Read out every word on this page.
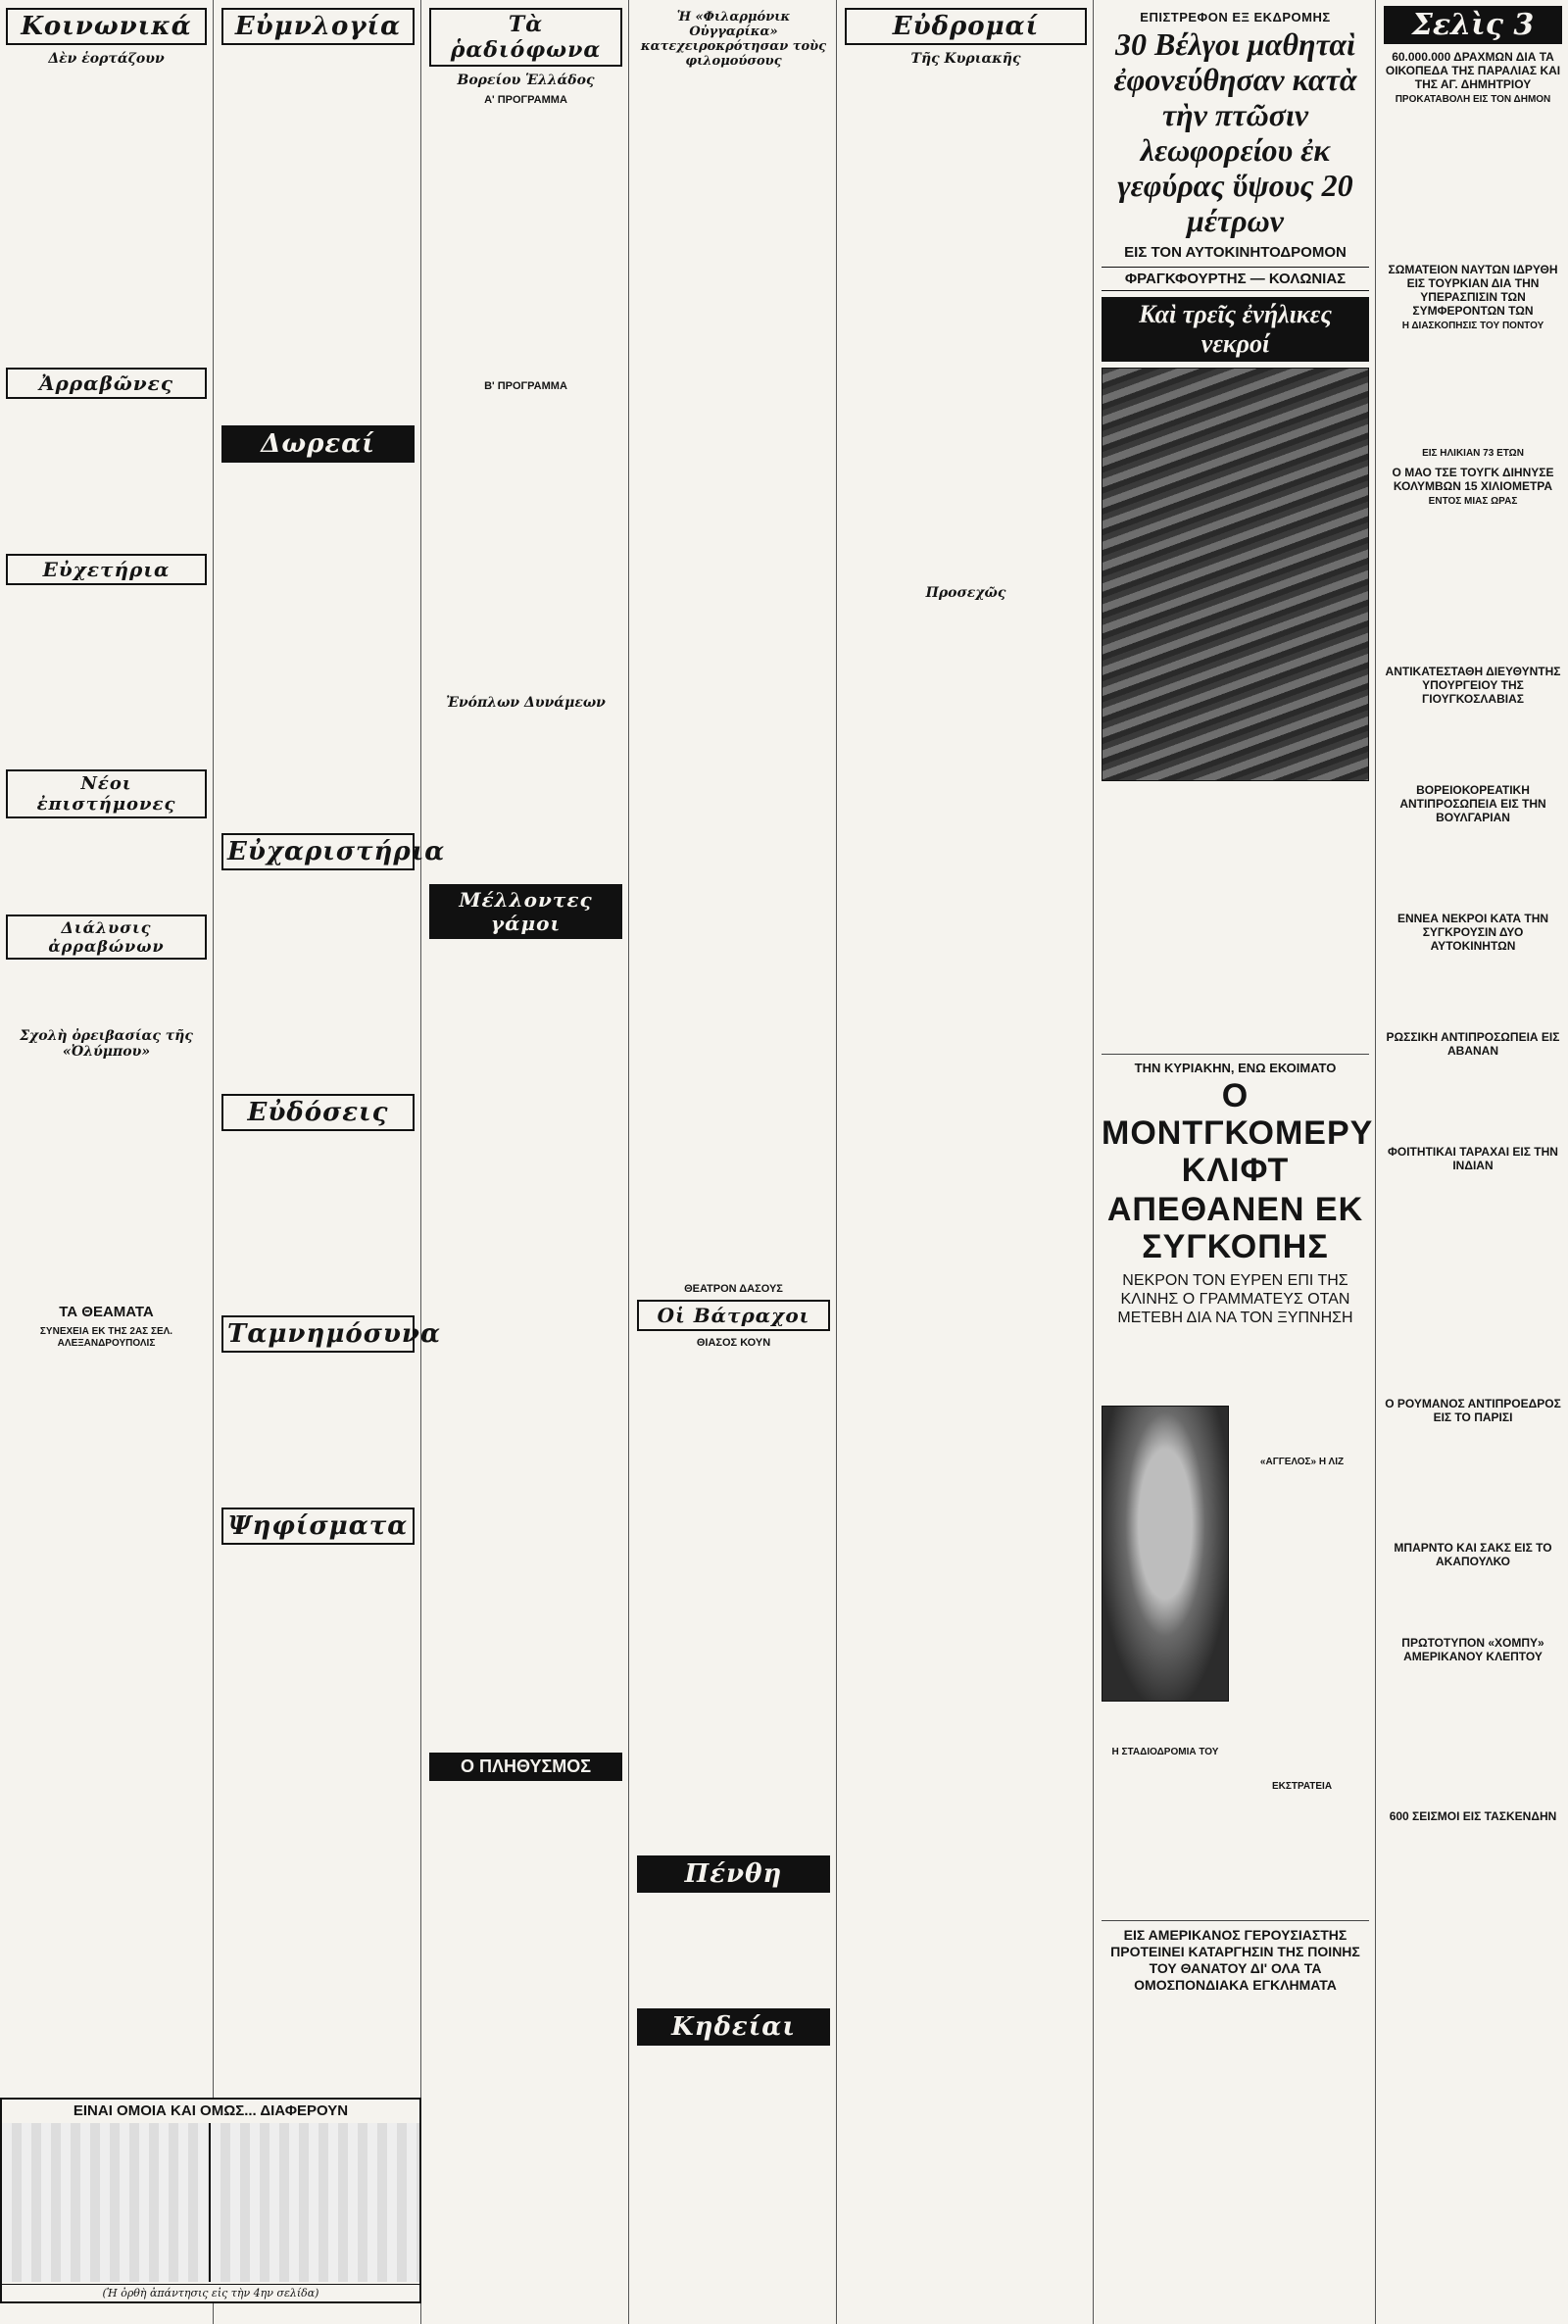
Κοινωνικά
Δὲν ἑορτάζουν
Ἀρραβῶνες
Εὐχετήρια
Νέοι ἐπιστήμονες
Διάλυσις ἀρραβώνων
Σχολὴ ὀρειβασίας τῆς «Ὀλύμπου»
ΤΑ ΘΕΑΜΑΤΑ
ΣΥΝΕΧΕΙΑ ΕΚ ΤΗΣ 2ΑΣ ΣΕΛ. ΑΛΕΞΑΝΔΡΟΥΠΟΛΙΣ
Εὐμνλογία
Δωρεαί
Εὐχαριστήρια
Εὐδόσεις
Ταμνημόσυνα
Ψηφίσματα
Τὰ ῥαδιόφωνα
Βορείου Ἑλλάδος
Α' ΠΡΟΓΡΑΜΜΑ
Β' ΠΡΟΓΡΑΜΜΑ
Ἐνόπλων Δυνάμεων
Μέλλοντες γάμοι
Ο ΠΛΗΘΥΣΜΟΣ
Ἡ «Φιλαρμόνικ Οὐγγαρίκα» κατεχειροκρότησαν τοὺς φιλομούσους
ΘΕΑΤΡΟΝ ΔΑΣΟΥΣ
Οἱ Βάτραχοι
ΘΙΑΣΟΣ ΚΟΥΝ
Πένθη
Κηδείαι
Εὐδρομαί
Τῆς Κυριακῆς
Προσεχῶς
ΕΠΙΣΤΡΕΦΟΝ ΕΞ ΕΚΔΡΟΜΗΣ
30 Βέλγοι μαθηταὶ ἐφονεύθησαν κατὰ τὴν πτῶσιν λεωφορείου ἐκ γεφύρας ὕψους 20 μέτρων
ΕΙΣ ΤΟΝ ΑΥΤΟΚΙΝΗΤΟΔΡΟΜΟΝ
ΦΡΑΓΚΦΟΥΡΤΗΣ — ΚΟΛΩΝΙΑΣ
Καὶ τρεῖς ἐνήλικες νεκροί
ΤΗΝ ΚΥΡΙΑΚΗΝ, ΕΝΩ ΕΚΟΙΜΑΤΟ
Ο ΜΟΝΤΓΚΟΜΕΡΥ ΚΛΙΦΤ
ΑΠΕΘΑΝΕΝ ΕΚ ΣΥΓΚΟΠΗΣ
ΝΕΚΡΟΝ ΤΟΝ ΕΥΡΕΝ ΕΠΙ ΤΗΣ ΚΛΙΝΗΣ Ο ΓΡΑΜΜΑΤΕΥΣ ΟΤΑΝ ΜΕΤΕΒΗ ΔΙΑ ΝΑ ΤΟΝ ΞΥΠΝΗΣΗ
Η ΣΤΑΔΙΟΔΡΟΜΙΑ ΤΟΥ
«ΑΓΓΕΛΟΣ» Η ΛΙΖ
ΕΚΣΤΡΑΤΕΙΑ
ΕΙΣ ΑΜΕΡΙΚΑΝΟΣ ΓΕΡΟΥΣΙΑΣΤΗΣ ΠΡΟΤΕΙΝΕΙ ΚΑΤΑΡΓΗΣΙΝ ΤΗΣ ΠΟΙΝΗΣ ΤΟΥ ΘΑΝΑΤΟΥ ΔΙ' ΟΛΑ ΤΑ ΟΜΟΣΠΟΝΔΙΑΚΑ ΕΓΚΛΗΜΑΤΑ
Σελὶς 3
60.000.000 ΔΡΑΧΜΩΝ ΔΙΑ ΤΑ ΟΙΚΟΠΕΔΑ ΤΗΣ ΠΑΡΑΛΙΑΣ ΚΑΙ ΤΗΣ ΑΓ. ΔΗΜΗΤΡΙΟΥ
ΠΡΟΚΑΤΑΒΟΛΗ ΕΙΣ ΤΟΝ ΔΗΜΟΝ
ΣΩΜΑΤΕΙΟΝ ΝΑΥΤΩΝ ΙΔΡΥΘΗ ΕΙΣ ΤΟΥΡΚΙΑΝ ΔΙΑ ΤΗΝ ΥΠΕΡΑΣΠΙΣΙΝ ΤΩΝ ΣΥΜΦΕΡΟΝΤΩΝ ΤΩΝ
Η ΔΙΑΣΚΟΠΗΣΙΣ ΤΟΥ ΠΟΝΤΟΥ
ΕΙΣ ΗΛΙΚΙΑΝ 73 ΕΤΩΝ
Ο ΜΑΟ ΤΣΕ ΤΟΥΓΚ ΔΙΗΝΥΣΕ ΚΟΛΥΜΒΩΝ 15 ΧΙΛΙΟΜΕΤΡΑ
ΕΝΤΟΣ ΜΙΑΣ ΩΡΑΣ
ΑΝΤΙΚΑΤΕΣΤΑΘΗ ΔΙΕΥΘΥΝΤΗΣ ΥΠΟΥΡΓΕΙΟΥ ΤΗΣ ΓΙΟΥΓΚΟΣΛΑΒΙΑΣ
ΒΟΡΕΙΟΚΟΡΕΑΤΙΚΗ ΑΝΤΙΠΡΟΣΩΠΕΙΑ ΕΙΣ ΤΗΝ ΒΟΥΛΓΑΡΙΑΝ
ΕΝΝΕΑ ΝΕΚΡΟΙ ΚΑΤΑ ΤΗΝ ΣΥΓΚΡΟΥΣΙΝ ΔΥΟ ΑΥΤΟΚΙΝΗΤΩΝ
ΡΩΣΣΙΚΗ ΑΝΤΙΠΡΟΣΩΠΕΙΑ ΕΙΣ ΑΒΑΝΑΝ
ΦΟΙΤΗΤΙΚΑΙ ΤΑΡΑΧΑΙ ΕΙΣ ΤΗΝ ΙΝΔΙΑΝ
Ο ΡΟΥΜΑΝΟΣ ΑΝΤΙΠΡΟΕΔΡΟΣ ΕΙΣ ΤΟ ΠΑΡΙΣΙ
ΜΠΑΡΝΤΟ ΚΑΙ ΣΑΚΣ ΕΙΣ ΤΟ ΑΚΑΠΟΥΛΚΟ
ΠΡΩΤΟΤΥΠΟΝ «ΧΟΜΠΥ» ΑΜΕΡΙΚΑΝΟΥ ΚΛΕΠΤΟΥ
600 ΣΕΙΣΜΟΙ ΕΙΣ ΤΑΣΚΕΝΔΗΝ
ΕΙΝΑΙ ΟΜΟΙΑ ΚΑΙ ΟΜΩΣ... ΔΙΑΦΕΡΟΥΝ
(Ἡ ὀρθὴ ἀπάντησις εἰς τὴν 4ην σελίδα)
